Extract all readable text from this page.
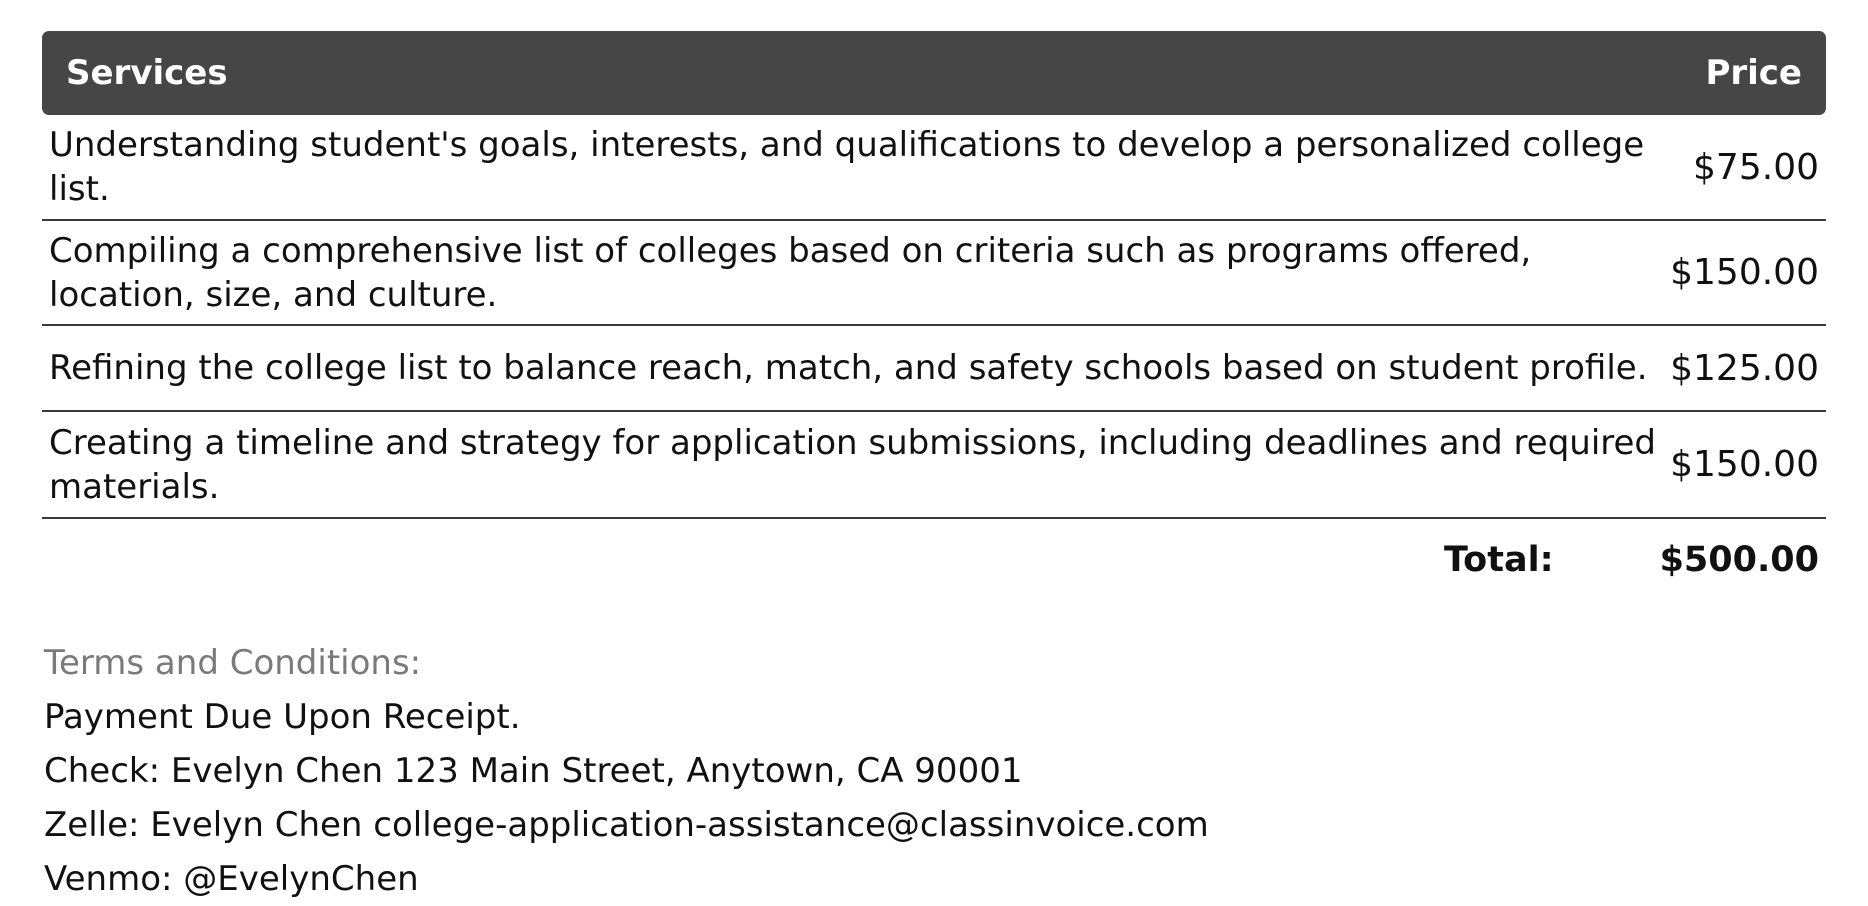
Services	Price
Understanding student's goals, interests, and qualifications to develop a personalized college list.
$75.00
Compiling a comprehensive list of colleges based on criteria such as programs offered, location, size, and culture.
$150.00
Refining the college list to balance reach, match, and safety schools based on student profile. $125.00
Creating a timeline and strategy for application submissions, including deadlines and required materials.
$150.00
Total:	$500.00
Terms and Conditions:
Payment Due Upon Receipt.
Check: Evelyn Chen 123 Main Street, Anytown, CA 90001
Zelle: Evelyn Chen college-application-assistance@classinvoice.com
Venmo: @EvelynChen
